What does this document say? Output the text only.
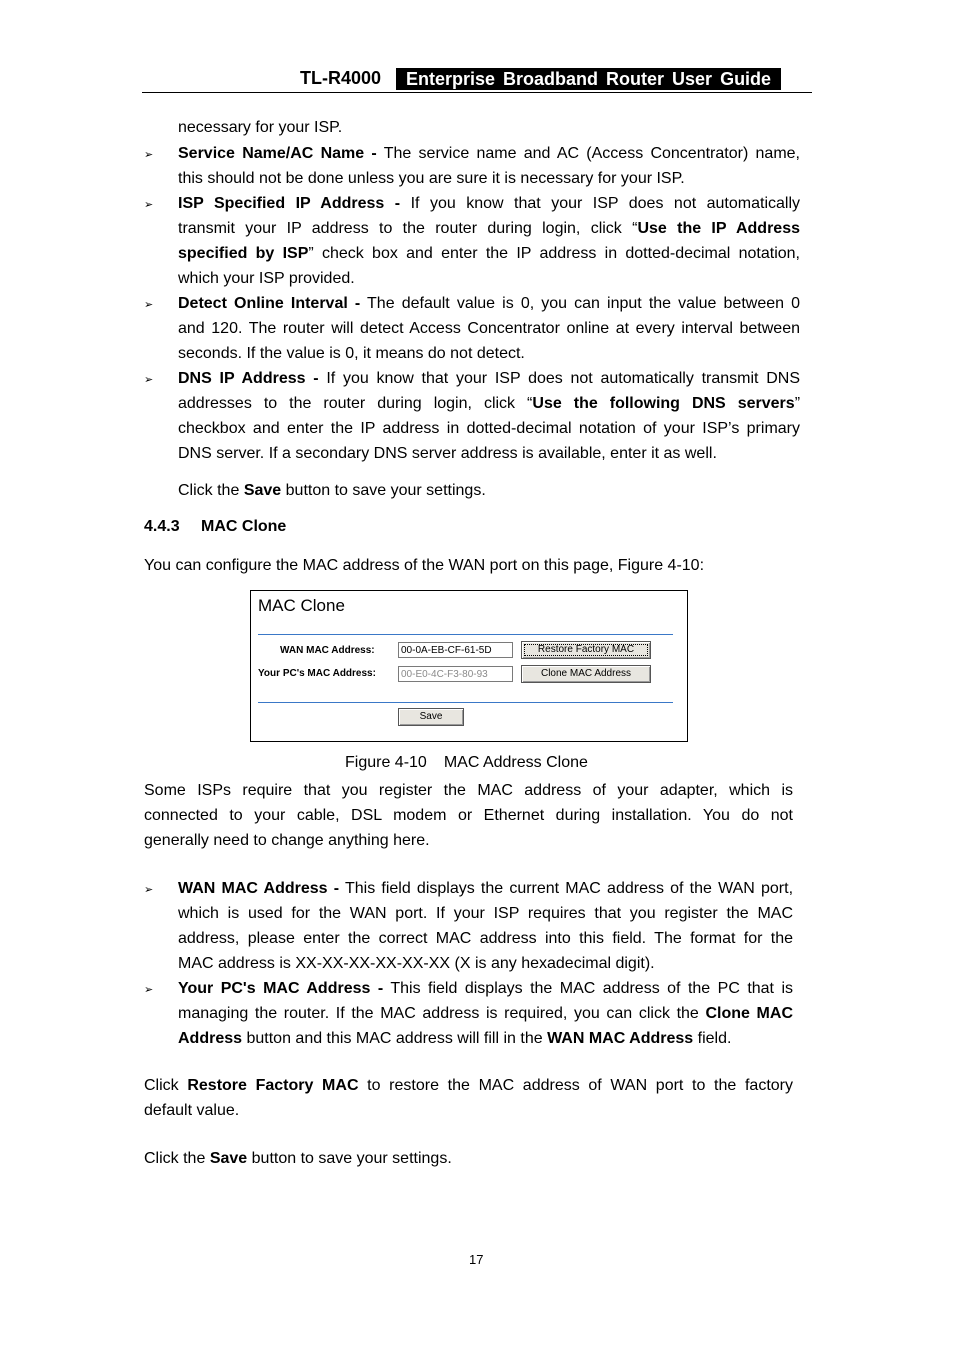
TL-R4000	Enterprise Broadband Router User Guide
necessary for your ISP.
➢ Service Name/AC Name - The service name and AC (Access Concentrator) name,
this should not be done unless you are sure it is necessary for your ISP.
➢ ISP Specified IP Address - If you know that your ISP does not automatically
transmit your IP address to the router during login, click “Use the IP Address
specified by ISP” check box and enter the IP address in dotted-decimal notation,
which your ISP provided.
➢ Detect Online Interval - The default value is 0, you can input the value between 0
and 120. The router will detect Access Concentrator online at every interval between
seconds. If the value is 0, it means do not detect.
➢ DNS IP Address - If you know that your ISP does not automatically transmit DNS
addresses to the router during login, click “Use the following DNS servers”
checkbox and enter the IP address in dotted-decimal notation of your ISP’s primary
DNS server. If a secondary DNS server address is available, enter it as well.
Click the Save button to save your settings.
4.4.3 MAC Clone
You can configure the MAC address of the WAN port on this page, Figure 4-10:
MAC Clone
WAN MAC Address:	00-0A-EB-CF-61-5D	Restore Factory MAC
Your PC's MAC Address:	00-E0-4C-F3-80-93	Clone MAC Address
Save
Figure 4-10 MAC Address Clone
Some ISPs require that you register the MAC address of your adapter, which is
connected to your cable, DSL modem or Ethernet during installation. You do not
generally need to change anything here.
➢ WAN MAC Address - This field displays the current MAC address of the WAN port,
which is used for the WAN port. If your ISP requires that you register the MAC
address, please enter the correct MAC address into this field. The format for the
MAC address is XX-XX-XX-XX-XX-XX (X is any hexadecimal digit).
➢ Your PC's MAC Address - This field displays the MAC address of the PC that is
managing the router. If the MAC address is required, you can click the Clone MAC
Address button and this MAC address will fill in the WAN MAC Address field.
Click Restore Factory MAC to restore the MAC address of WAN port to the factory
default value.
Click the Save button to save your settings.
17
